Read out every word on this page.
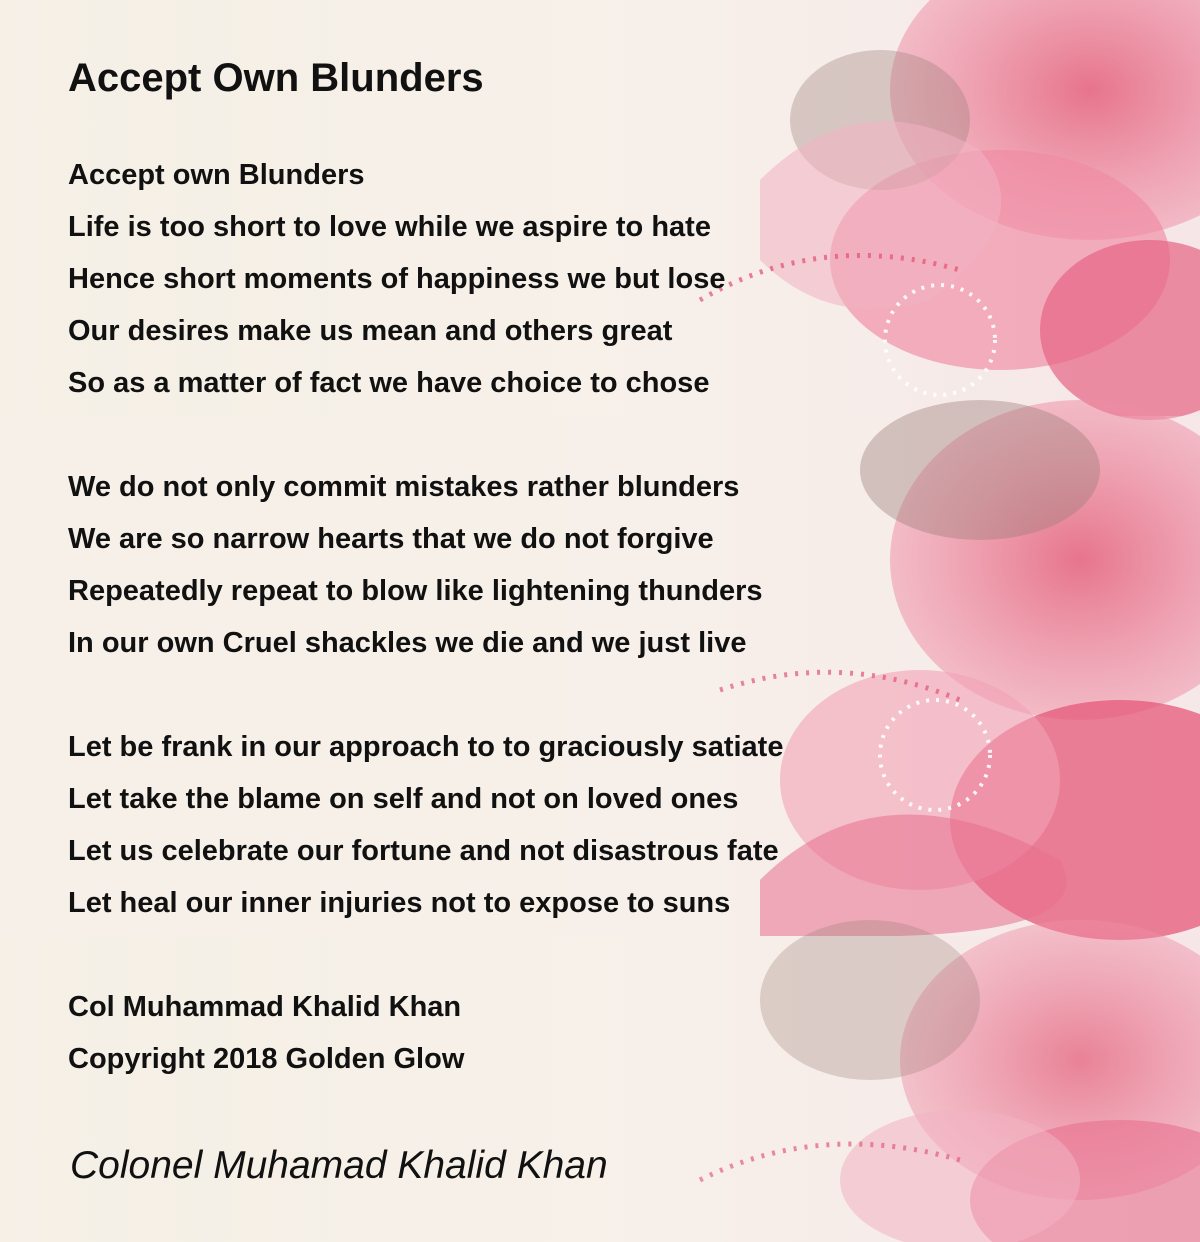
Accept Own Blunders

Accept own Blunders

Life is too short to love while we aspire to hate

Hence short moments of happiness we but lose

Our desires make us mean and others great

So as a matter of fact we have choice to chose

We do not only commit mistakes rather blunders

We are so narrow hearts that we do not forgive

Repeatedly repeat to blow like lightening thunders

In our own Cruel shackles we die and we just live

Let be frank in our approach to to graciously satiate

Let take the blame on self and not on loved ones

Let us celebrate our fortune and not disastrous fate

Let heal our inner injuries not to expose to suns

Col Muhammad Khalid Khan

Copyright 2018 Golden Glow

Colonel Muhamad Khalid Khan
